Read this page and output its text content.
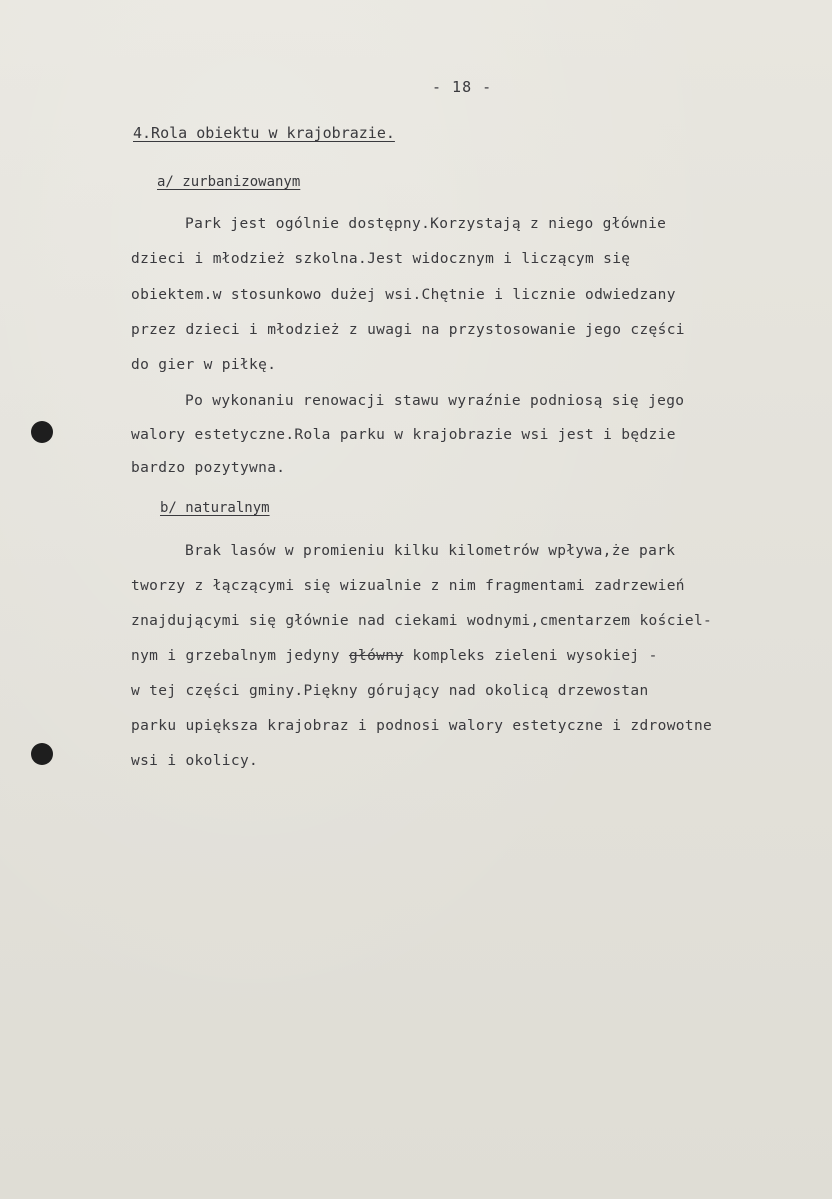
- 18 -
4.Rola obiektu w krajobrazie.
a/ zurbanizowanym
Park jest ogólnie dostępny.Korzystają z niego głównie
dzieci i młodzież szkolna.Jest widocznym i liczącym się
obiektem.w stosunkowo dużej wsi.Chętnie i licznie odwiedzany
przez dzieci i młodzież z uwagi na przystosowanie jego części
do gier w piłkę.
Po wykonaniu renowacji stawu wyraźnie podniosą się jego
walory estetyczne.Rola parku w krajobrazie wsi jest i będzie
bardzo pozytywna.
b/ naturalnym
Brak lasów w promieniu kilku kilometrów wpływa,że park
tworzy z łączącymi się wizualnie z nim fragmentami zadrzewień
znajdującymi się głównie nad ciekami wodnymi,cmentarzem kościel-
nym i grzebalnym jedyny główny kompleks zieleni wysokiej -
w tej części gminy.Piękny górujący nad okolicą drzewostan
parku upiększa krajobraz i podnosi walory estetyczne i zdrowotne
wsi i okolicy.
